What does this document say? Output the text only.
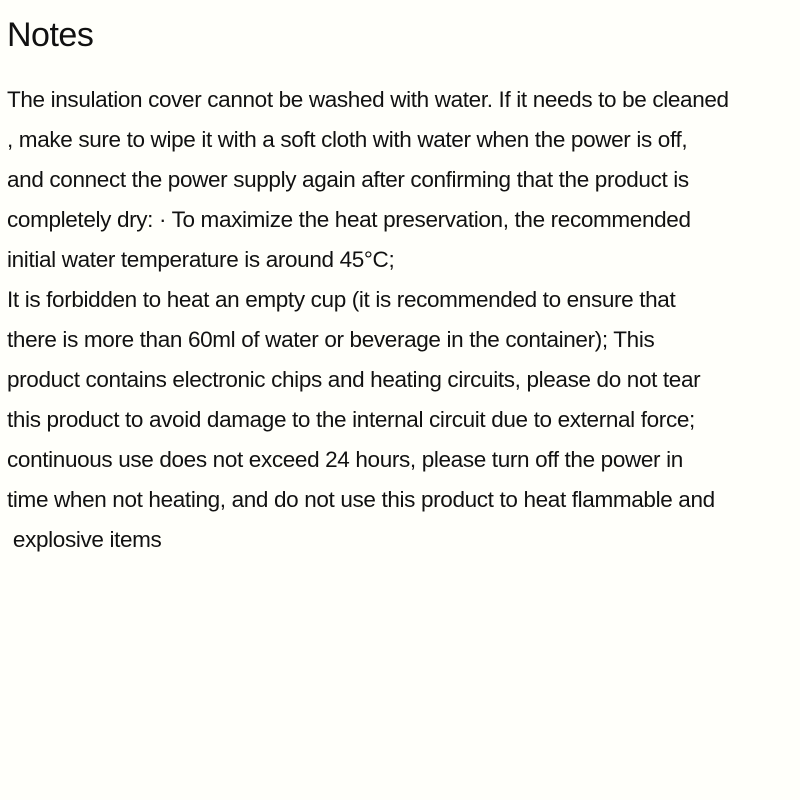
Notes
The insulation cover cannot be washed with water. If it needs to be cleaned
, make sure to wipe it with a soft cloth with water when the power is off,
and connect the power supply again after confirming that the product is
completely dry: · To maximize the heat preservation, the recommended
initial water temperature is around 45°C;
It is forbidden to heat an empty cup (it is recommended to ensure that
there is more than 60ml of water or beverage in the container); This
product contains electronic chips and heating circuits, please do not tear
this product to avoid damage to the internal circuit due to external force;
continuous use does not exceed 24 hours, please turn off the power in
time when not heating, and do not use this product to heat flammable and
explosive items
